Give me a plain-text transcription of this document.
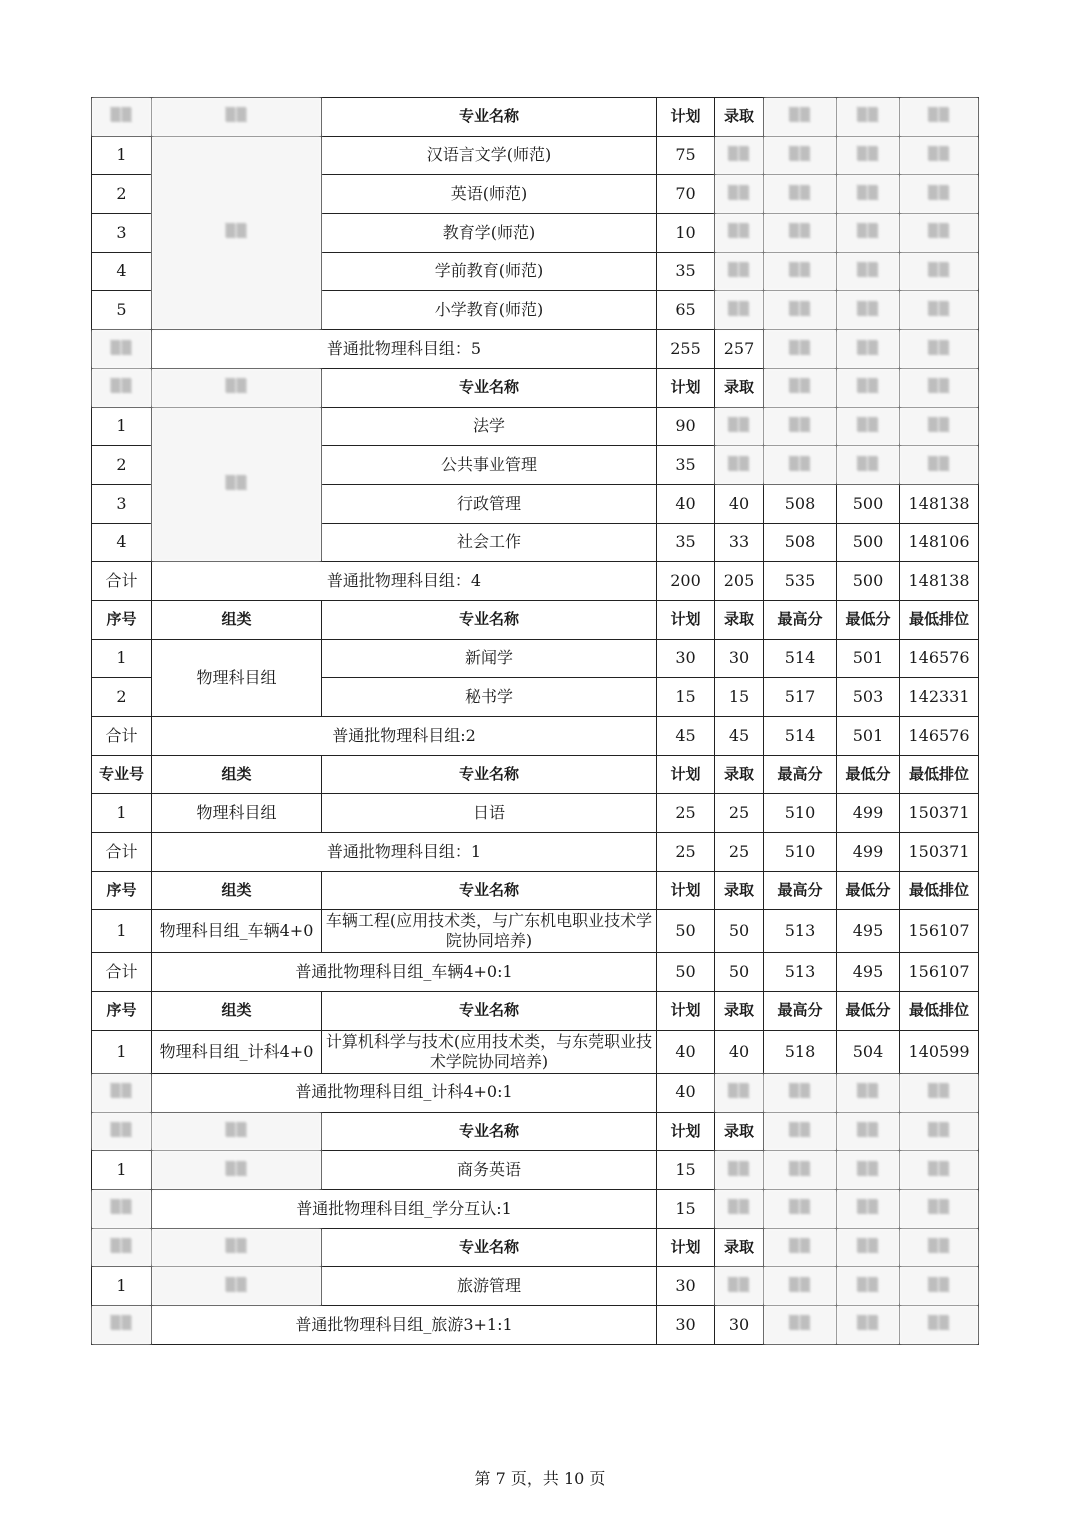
▒▒	▒▒	专业名称	计划	录取	▒▒	▒▒	▒▒
1	▒▒	汉语言文学(师范)	75	▒▒	▒▒	▒▒	▒▒
2		英语(师范)	70	▒▒	▒▒	▒▒	▒▒
3		教育学(师范)	10	▒▒	▒▒	▒▒	▒▒
4		学前教育(师范)	35	▒▒	▒▒	▒▒	▒▒
5		小学教育(师范)	65	▒▒	▒▒	▒▒	▒▒
▒▒	普通批物理科目组：5		255	257	▒▒	▒▒	▒▒
▒▒	▒▒	专业名称	计划	录取	▒▒	▒▒	▒▒
1	▒▒	法学	90	▒▒	▒▒	▒▒	▒▒
2		公共事业管理	35	▒▒	▒▒	▒▒	▒▒
3		行政管理	40	40	508	500	148138
4		社会工作	35	33	508	500	148106
合计	普通批物理科目组：4		200	205	535	500	148138
序号	组类	专业名称	计划	录取	最高分	最低分	最低排位
1	物理科目组	新闻学	30	30	514	501	146576
2		秘书学	15	15	517	503	142331
合计	普通批物理科目组:2		45	45	514	501	146576
专业号	组类	专业名称	计划	录取	最高分	最低分	最低排位
1	物理科目组	日语	25	25	510	499	150371
合计	普通批物理科目组：1		25	25	510	499	150371
序号	组类	专业名称	计划	录取	最高分	最低分	最低排位
1	物理科目组_车辆4+0	车辆工程(应用技术类，与广东机电职业技术学院协同培养)	50	50	513	495	156107
合计	普通批物理科目组_车辆4+0:1		50	50	513	495	156107
序号	组类	专业名称	计划	录取	最高分	最低分	最低排位
1	物理科目组_计科4+0	计算机科学与技术(应用技术类，与东莞职业技术学院协同培养)	40	40	518	504	140599
▒▒	普通批物理科目组_计科4+0:1		40	▒▒	▒▒	▒▒	▒▒
▒▒	▒▒	专业名称	计划	录取	▒▒	▒▒	▒▒
1	▒▒	商务英语	15	▒▒	▒▒	▒▒	▒▒
▒▒	普通批物理科目组_学分互认:1		15	▒▒	▒▒	▒▒	▒▒
▒▒	▒▒	专业名称	计划	录取	▒▒	▒▒	▒▒
1	▒▒	旅游管理	30	▒▒	▒▒	▒▒	▒▒
▒▒	普通批物理科目组_旅游3+1:1		30	30	▒▒	▒▒	▒▒
第 7 页，共 10 页
